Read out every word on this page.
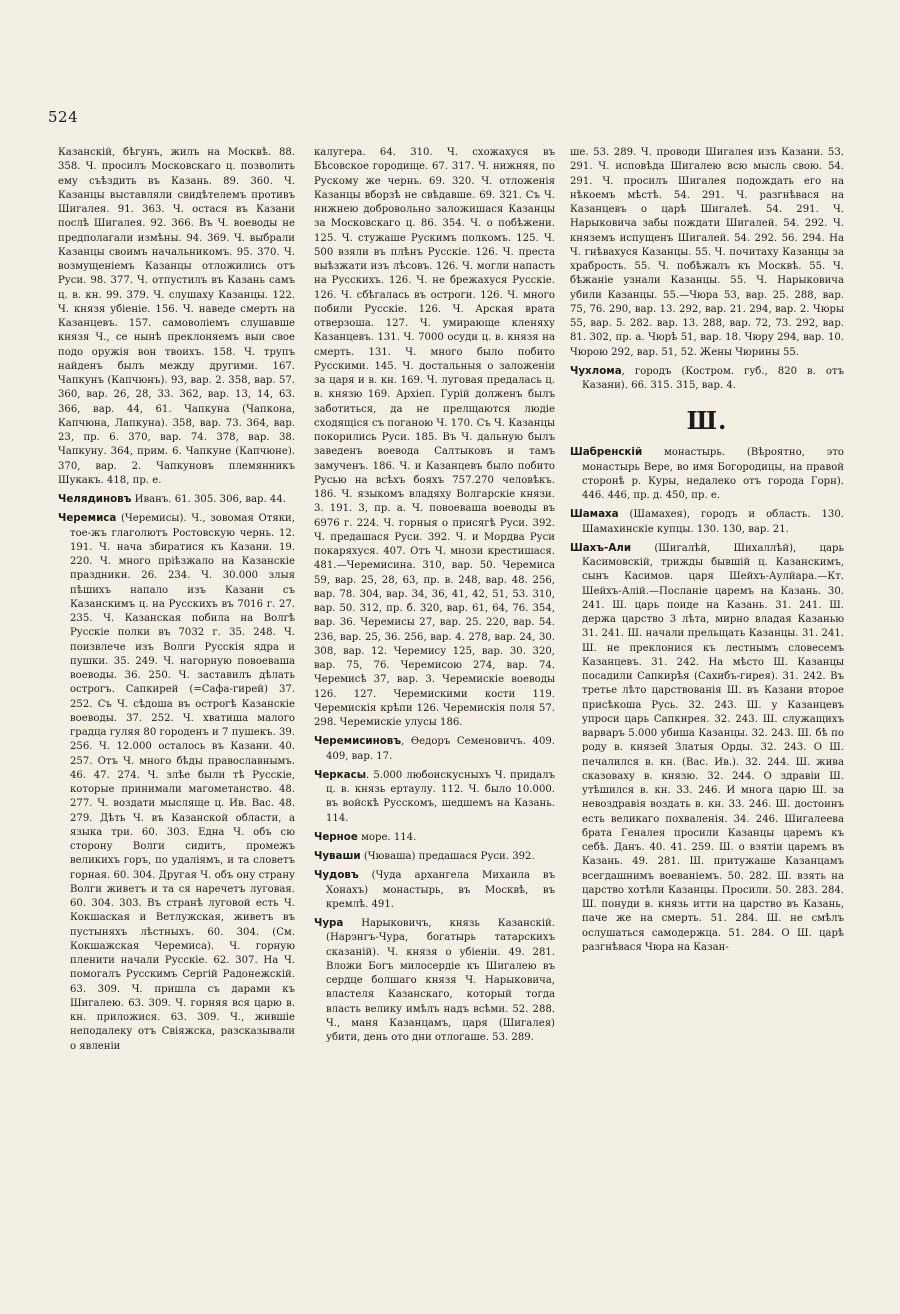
524

Казанскій, бѣгунъ, жилъ на Москвѣ. 88. 358. Ч. просилъ Московскаго ц. позволить ему съѣздить въ Казань. 89. 360. Ч. Казанцы выставляли свидѣтелемъ противъ Шигалея. 91. 363. Ч. остася въ Казани послѣ Шигалея. 92. 366. Въ Ч. воеводы не предполагали измѣны. 94. 369. Ч. выбрали Казанцы своимъ начальникомъ. 95. 370. Ч. возмущеніемъ Казанцы отложились отъ Руси. 98. 377. Ч. отпустилъ въ Казань самъ ц. в. кн. 99. 379. Ч. слушаху Казанцы. 122. Ч. князя убіеніе. 156. Ч. наведе смерть на Казанцевъ. 157. самоволіемъ слушавше князя Ч., се нынѣ преклоняемъ выи свое подо оружія вон твоихъ. 158. Ч. трупъ найденъ былъ между другими. 167. Чапкунъ (Капчюнъ). 93, вар. 2. 358, вар. 57. 360, вар. 26, 28, 33. 362, вар. 13, 14, 63. 366, вар. 44, 61. Чапкуна (Чапкона, Капчюна, Лапкуна). 358, вар. 73. 364, вар. 23, пр. 6. 370, вар. 74. 378, вар. 38. Чапкуну. 364, прим. 6. Чапкуне (Капчюне). 370, вар. 2. Чапкуновъ племянникъ Шукакъ. 418, пр. е.

Челядиновъ Иванъ. 61. 305. 306, вар. 44.

Черемиса (Черемисы). Ч., зовомая Отяки, тое-жъ глаголютъ Ростовскую чернь. 12. 191. Ч. нача збиратися къ Казани. 19. 220. Ч. много пріѣзжало на Казанскіе праздники. 26. 234. Ч. 30.000 злыя пѣшихъ напало изъ Казани съ Казанскимъ ц. на Русскихъ въ 7016 г. 27. 235. Ч. Казанская побила на Волгѣ Русскіе полки въ 7032 г. 35. 248. Ч. поизвлече изъ Волги Русскія ядра и пушки. 35. 249. Ч. нагорную повоеваша воеводы. 36. 250. Ч. заставилъ дѣлать острогъ. Сапкирей (=Сафа-гирей) 37. 252. Съ Ч. сѣдоша въ острогѣ Казанскіе воеводы. 37. 252. Ч. хватиша малого градца гуляя 80 городенъ и 7 пушекъ. 39. 256. Ч. 12.000 осталось въ Казани. 40. 257. Отъ Ч. много бѣды православнымъ. 46. 47. 274. Ч. злѣе были тѣ Русскіе, которые принимали магометанство. 48. 277. Ч. воздати мысляще ц. Ив. Вас. 48. 279. Дѣть Ч. въ Казанской области, а языка три. 60. 303. Една Ч. объ сю сторону Волги сидитъ, промежъ великихъ горъ, по удаліямъ, и та словетъ горная. 60. 304. Другая Ч. объ ону страну Волги живетъ и та ся наречетъ луговая. 60. 304. 303. Въ странѣ луговой есть Ч. Кокшаская и Ветлужская, живетъ въ пустыняхъ лѣстныхъ. 60. 304. (См. Кокшажская Черемиса). Ч. горную пленити начали Русскіе. 62. 307. На Ч. помогалъ Русскимъ Сергій Радонежскій. 63. 309. Ч. пришла съ дарами къ Шигалею. 63. 309. Ч. горняя вся царю в. кн. приложися. 63. 309. Ч., жившіе неподалеку отъ Свіяжска, разсказывали о явленіи

калугера. 64. 310. Ч. схожахуся въ Бѣсовское городище. 67. 317. Ч. нижняя, по Рускому же чернь. 69. 320. Ч. отложенія Казанцы вборзѣ не свѣдавше. 69. 321. Съ Ч. нижнею добровольно заложишася Казанцы за Московскаго ц. 86. 354. Ч. о побѣжени. 125. Ч. стужаше Рускимъ полкомъ. 125. Ч. 500 взяли въ плѣнъ Русскіе. 126. Ч. преста выѣзжати изъ лѣсовъ. 126. Ч. могли напасть на Русскихъ. 126. Ч. не брежахуся Русскіе. 126. Ч. сбѣгалась въ остроги. 126. Ч. много побили Русскіе. 126. Ч. Арская врата отверзоша. 127. Ч. умирающе кленяху Казанцевъ. 131. Ч. 7000 осуди ц. в. князя на смерть. 131. Ч. много было побито Русскими. 145. Ч. достальныя о заложеніи за царя и в. кн. 169. Ч. луговая предалась ц. в. князю 169. Архіеп. Гурій долженъ былъ заботиться, да не прелщаются людіе сходящіся съ поганою Ч. 170. Съ Ч. Казанцы покорились Руси. 185. Въ Ч. дальную былъ заведенъ воевода Салтыковъ и тамъ замученъ. 186. Ч. и Казанцевъ было побито Русью на всѣхъ бояхъ 757.270 человѣкъ. 186. Ч. языкомъ владяху Волгарскіе князи. 3. 191. 3, пр. а. Ч. повоеваша воеводы въ 6976 г. 224. Ч. горныя о присягѣ Руси. 392. Ч. предашася Руси. 392. Ч. и Мордва Руси покаряхуся. 407. Отъ Ч. мнози крестишася. 481.—Черемисина. 310, вар. 50. Черемиса 59, вар. 25, 28, 63, пр. в. 248, вар. 48. 256, вар. 78. 304, вар. 34, 36, 41, 42, 51, 53. 310, вар. 50. 312, пр. б. 320, вар. 61, 64, 76. 354, вар. 36. Черемисы 27, вар. 25. 220, вар. 54. 236, вар. 25, 36. 256, вар. 4. 278, вар. 24, 30. 308, вар. 12. Черемису 125, вар. 30. 320, вар. 75, 76. Черемисою 274, вар. 74. Черемисѣ 37, вар. 3. Черемискіе воеводы 126. 127. Черемискими кости 119. Черемискія крѣпи 126. Черемискія поля 57. 298. Черемискіе улусы 186.

Черемисиновъ, Ѳедоръ Семеновичъ. 409. 409, вар. 17.

Черкасы. 5.000 любоискусныхъ Ч. придалъ ц. в. князь ертаулу. 112. Ч. было 10.000. въ войскѣ Русскомъ, шедшемъ на Казань. 114.

Черное море. 114.

Чуваши (Чюваша) предашася Руси. 392.

Чудовъ (Чуда архангела Михаила въ Хонахъ) монастырь, въ Москвѣ, въ кремлѣ. 491.

Чура Нарыковичъ, князь Казанскій. (Нарэнгъ-Чура, богатырь татарскихъ сказаній). Ч. князя о убіеніи. 49. 281. Вложи Богъ милосердіе къ Шигалею въ сердце болшаго князя Ч. Нарыковича, властеля Казанскаго, который тогда власть велику имѣлъ надъ всѣми. 52. 288. Ч., маня Казанцамъ, царя (Шигалея) убити, день ото дни отлогашe. 53. 289.

шe. 53. 289. Ч. проводи Шигалея изъ Казани. 53. 291. Ч. исповѣда Шигалею всю мысль свою. 54. 291. Ч. просилъ Шигалея подождать его на нѣкоемъ мѣстѣ. 54. 291. Ч. разгнѣвася на Казанцевъ о царѣ Шигалеѣ. 54. 291. Ч. Нарыковича забы пождати Шигалей. 54. 292. Ч. княземъ испущенъ Шигалей. 54. 292. 56. 294. На Ч. гнѣвахуся Казанцы. 55. Ч. почитаху Казанцы за храбрость. 55. Ч. побѣжалъ къ Москвѣ. 55. Ч. бѣжаніе узнали Казанцы. 55. Ч. Нарыковича убили Казанцы. 55.—Чюра 53, вар. 25. 288, вар. 75, 76. 290, вар. 13. 292, вар. 21. 294, вар. 2. Чюры 55, вар. 5. 282. вар. 13. 288, вар. 72, 73. 292, вар. 81. 302, пр. а. Чюрѣ 51, вар. 18. Чюру 294, вар. 10. Чюрою 292, вар. 51, 52. Жены Чюрины 55.

Чухлома, городъ (Костром. губ., 820 в. отъ Казани). 66. 315. 315, вар. 4.

Ш.

Шабренскій монастырь. (Вѣроятно, это монастырь Вере, во имя Богородицы, на правой сторонѣ р. Куры, недалеко отъ города Горн). 446. 446, пр. д. 450, пр. е.

Шамаха (Шамахея), городъ и область. 130. Шамахинскіе купцы. 130. 130, вар. 21.

Шахъ-Али (Шигалѣй, Шихаллѣй), царь Касимовскій, трижды бывшій ц. Казанскимъ, сынъ Касимов. царя Шейхъ-Аулйара.—Кт. Шейхъ-Алій.—Посланіе царемъ на Казань. 30. 241. Ш. царь поиде на Казань. 31. 241. Ш. держа царство 3 лѣта, мирно владая Казанью 31. 241. Ш. начали прельщать Казанцы. 31. 241. Ш. не преклонися къ лестнымъ словесемъ Казанцевъ. 31. 242. На мѣсто Ш. Казанцы посадили Сапкирѣя (Сахибъ-гирея). 31. 242. Въ третье лѣто царствованія Ш. въ Казани второе присѣкоша Русь. 32. 243. Ш. у Казанцевъ упроси царь Сапкирея. 32. 243. Ш. служащихъ варваръ 5.000 убиша Казанцы. 32. 243. Ш. бѣ по роду в. князей Златыя Орды. 32. 243. О Ш. печалился в. кн. (Вас. Ив.). 32. 244. Ш. жива сказоваху в. князю. 32. 244. О здравіи Ш. утѣшился в. кн. 33. 246. И многа царю Ш. за невоздравія воздать в. кн. 33. 246. Ш. достоинъ есть великаго похваленія. 34. 246. Шигалеева брата Геналея просили Казанцы царемъ къ себѣ. Данъ. 40. 41. 259. Ш. о взятіи царемъ въ Казань. 49. 281. Ш. притужаше Казанцамъ всегдашнимъ воеваніемъ. 50. 282. Ш. взять на царство хотѣли Казанцы. Просили. 50. 283. 284. Ш. понуди в. князь итти на царство въ Казань, паче же на смерть. 51. 284. Ш. не смѣлъ ослушаться самодержца. 51. 284. О Ш. царѣ разгнѣвася Чюра на Казан-
